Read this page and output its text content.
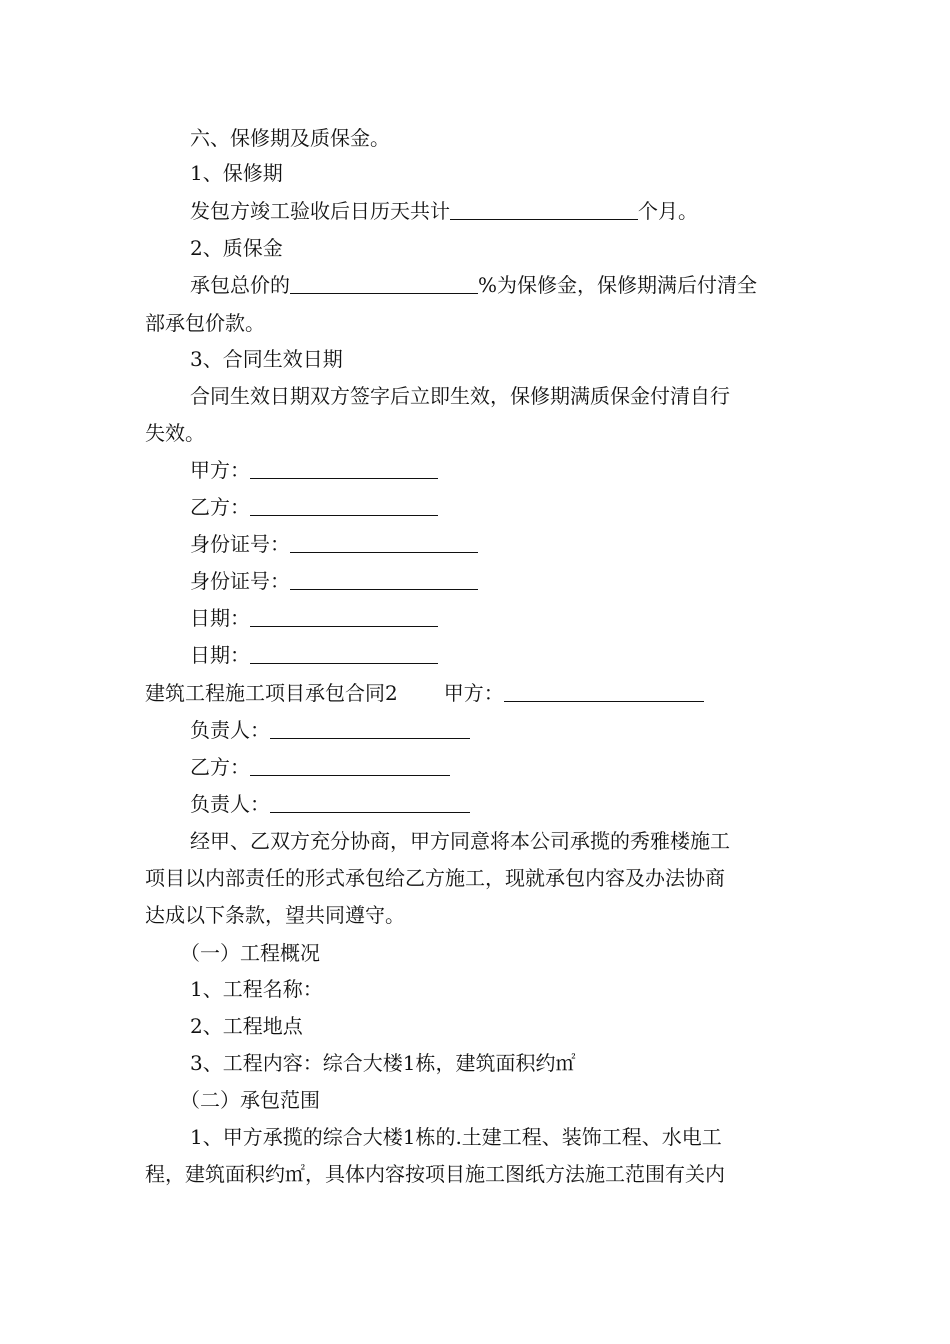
六、保修期及质保金。
1、保修期
发包方竣工验收后日历天共计	个月。
2、质保金
承包总价的	%为保修金，保修期满后付清全
部承包价款。
3、合同生效日期
合同生效日期双方签字后立即生效，保修期满质保金付清自行
失效。
甲方：
乙方：
身份证号：
身份证号：
日期：
日期：
建筑工程施工项目承包合同2 甲方：
负责人：
乙方：
负责人：
经甲、乙双方充分协商，甲方同意将本公司承揽的秀雅楼施工
项目以内部责任的形式承包给乙方施工，现就承包内容及办法协商
达成以下条款，望共同遵守。
（一）工程概况
1、工程名称：
2、工程地点
3、工程内容：综合大楼1栋，建筑面积约㎡
（二）承包范围
1、甲方承揽的综合大楼1栋的.土建工程、装饰工程、水电工
程，建筑面积约㎡，具体内容按项目施工图纸方法施工范围有关内
